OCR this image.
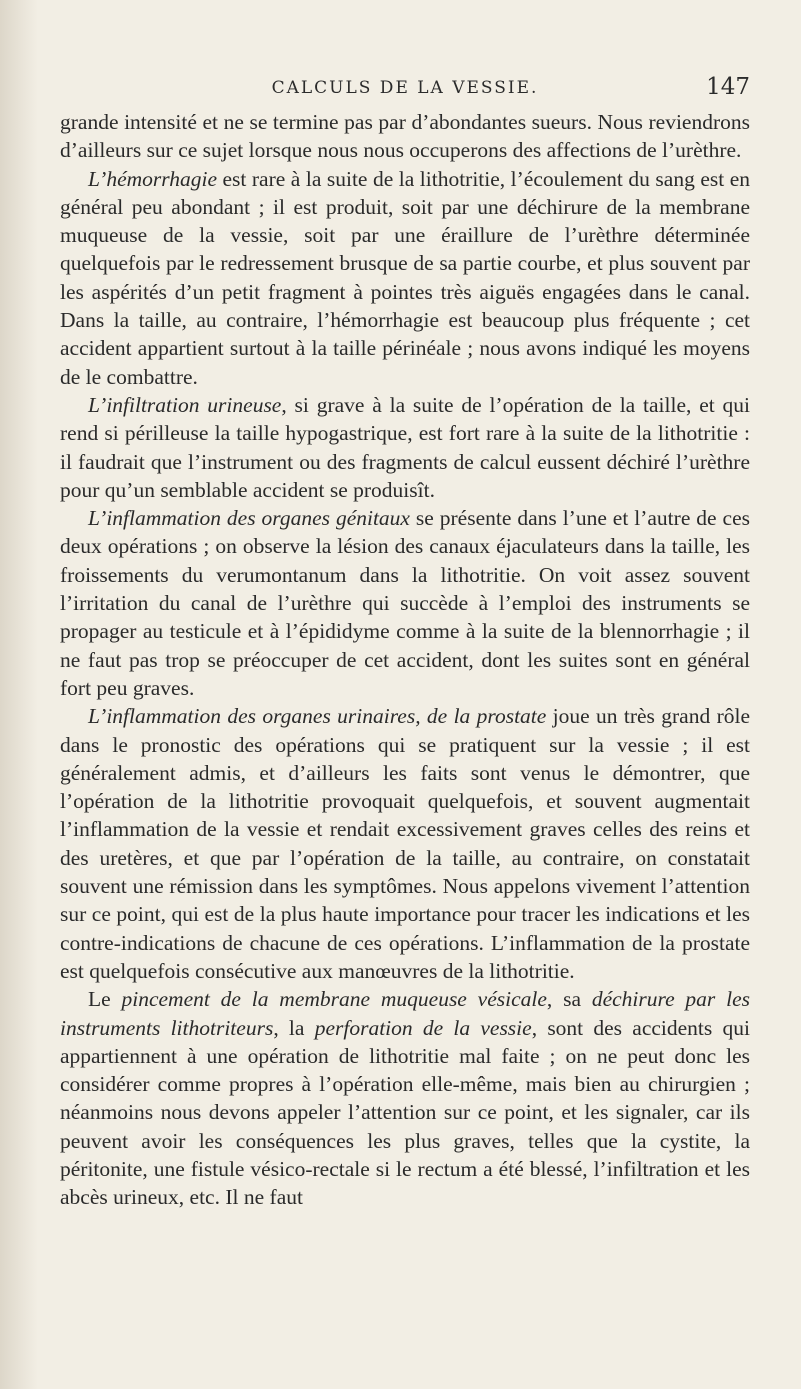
CALCULS DE LA VESSIE.	147

grande intensité et ne se termine pas par d’abondantes sueurs. Nous reviendrons d’ailleurs sur ce sujet lorsque nous nous occuperons des affections de l’urèthre.

L’hémorrhagie est rare à la suite de la lithotritie, l’écoulement du sang est en général peu abondant ; il est produit, soit par une déchirure de la membrane muqueuse de la vessie, soit par une éraillure de l’urèthre déterminée quelquefois par le redressement brusque de sa partie courbe, et plus souvent par les aspérités d’un petit fragment à pointes très aiguës engagées dans le canal. Dans la taille, au contraire, l’hémorrhagie est beaucoup plus fréquente ; cet accident appartient surtout à la taille périnéale ; nous avons indiqué les moyens de le combattre.

L’infiltration urineuse, si grave à la suite de l’opération de la taille, et qui rend si périlleuse la taille hypogastrique, est fort rare à la suite de la lithotritie : il faudrait que l’instrument ou des fragments de calcul eussent déchiré l’urèthre pour qu’un semblable accident se produisît.

L’inflammation des organes génitaux se présente dans l’une et l’autre de ces deux opérations ; on observe la lésion des canaux éjaculateurs dans la taille, les froissements du verumontanum dans la lithotritie. On voit assez souvent l’irritation du canal de l’urèthre qui succède à l’emploi des instruments se propager au testicule et à l’épididyme comme à la suite de la blennorrhagie ; il ne faut pas trop se préoccuper de cet accident, dont les suites sont en général fort peu graves.

L’inflammation des organes urinaires, de la prostate joue un très grand rôle dans le pronostic des opérations qui se pratiquent sur la vessie ; il est généralement admis, et d’ailleurs les faits sont venus le démontrer, que l’opération de la lithotritie provoquait quelquefois, et souvent augmentait l’inflammation de la vessie et rendait excessivement graves celles des reins et des uretères, et que par l’opération de la taille, au contraire, on constatait souvent une rémission dans les symptômes. Nous appelons vivement l’attention sur ce point, qui est de la plus haute importance pour tracer les indications et les contre-indications de chacune de ces opérations. L’inflammation de la prostate est quelquefois consécutive aux manœuvres de la lithotritie.

Le pincement de la membrane muqueuse vésicale, sa déchirure par les instruments lithotriteurs, la perforation de la vessie, sont des accidents qui appartiennent à une opération de lithotritie mal faite ; on ne peut donc les considérer comme propres à l’opération elle-même, mais bien au chirurgien ; néanmoins nous devons appeler l’attention sur ce point, et les signaler, car ils peuvent avoir les conséquences les plus graves, telles que la cystite, la péritonite, une fistule vésico-rectale si le rectum a été blessé, l’infiltration et les abcès urineux, etc. Il ne faut
